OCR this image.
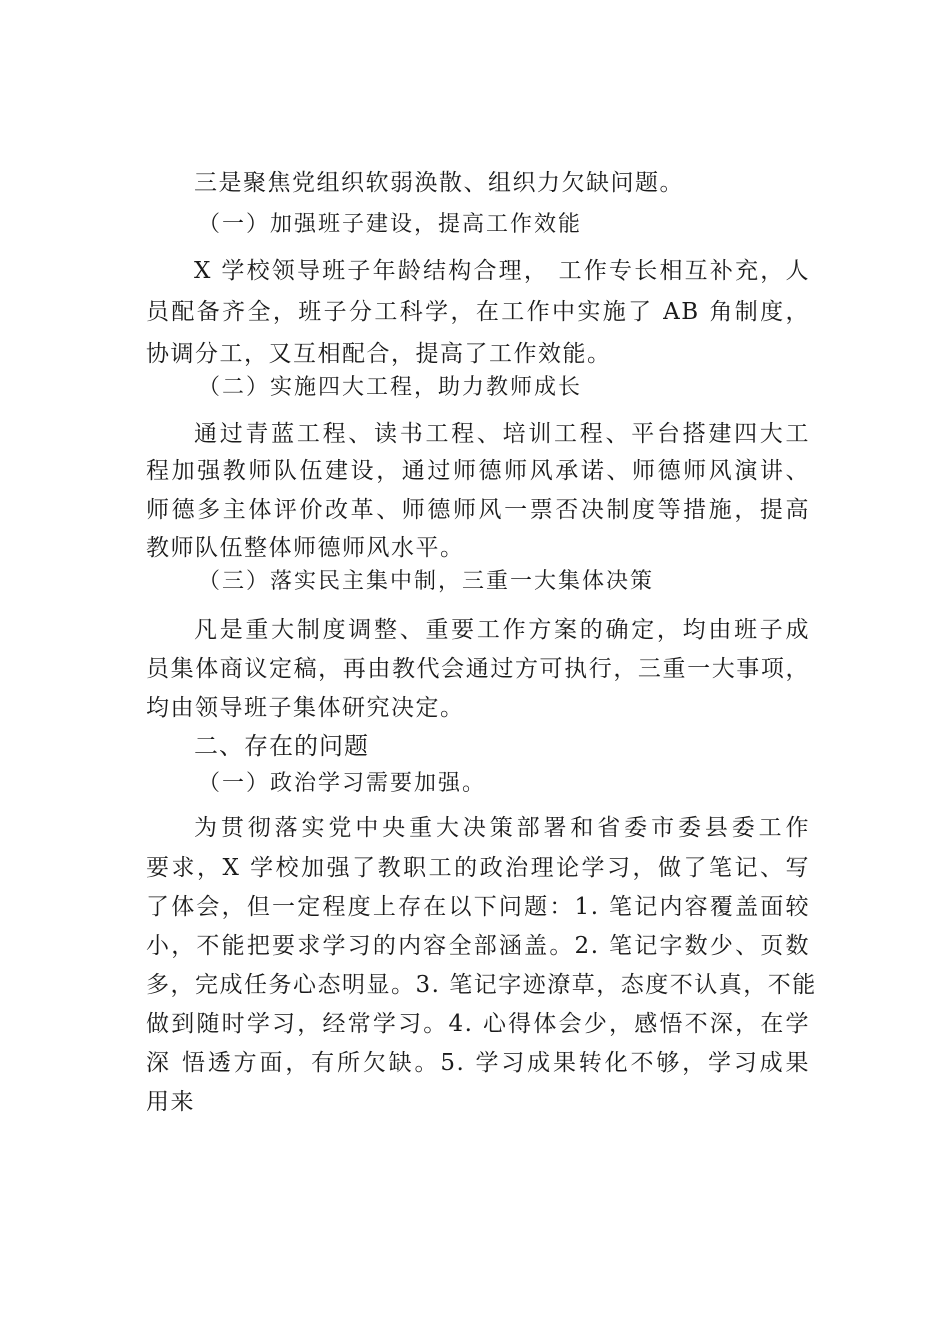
三是聚焦党组织软弱涣散、组织力欠缺问题。
（一）加强班子建设，提高工作效能
X 学校领导班子年龄结构合理， 工作专长相互补充，人
员配备齐全，班子分工科学，在工作中实施了 AB 角制度，
协调分工，又互相配合，提高了工作效能。
（二）实施四大工程，助力教师成长
通过青蓝工程、读书工程、培训工程、平台搭建四大工
程加强教师队伍建设，通过师德师风承诺、师德师风演讲、
师德多主体评价改革、师德师风一票否决制度等措施，提高
教师队伍整体师德师风水平。
（三）落实民主集中制，三重一大集体决策
凡是重大制度调整、重要工作方案的确定，均由班子成
员集体商议定稿，再由教代会通过方可执行，三重一大事项，
均由领导班子集体研究决定。
二、存在的问题
（一）政治学习需要加强。
为贯彻落实党中央重大决策部署和省委市委县委工作
要求，X 学校加强了教职工的政治理论学习，做了笔记、写
了体会，但一定程度上存在以下问题：1. 笔记内容覆盖面较
小，不能把要求学习的内容全部涵盖。2. 笔记字数少、页数
多，完成任务心态明显。3. 笔记字迹潦草，态度不认真，不能
做到随时学习，经常学习。4. 心得体会少，感悟不深，在学
深 悟透方面，有所欠缺。5. 学习成果转化不够，学习成果
用来
